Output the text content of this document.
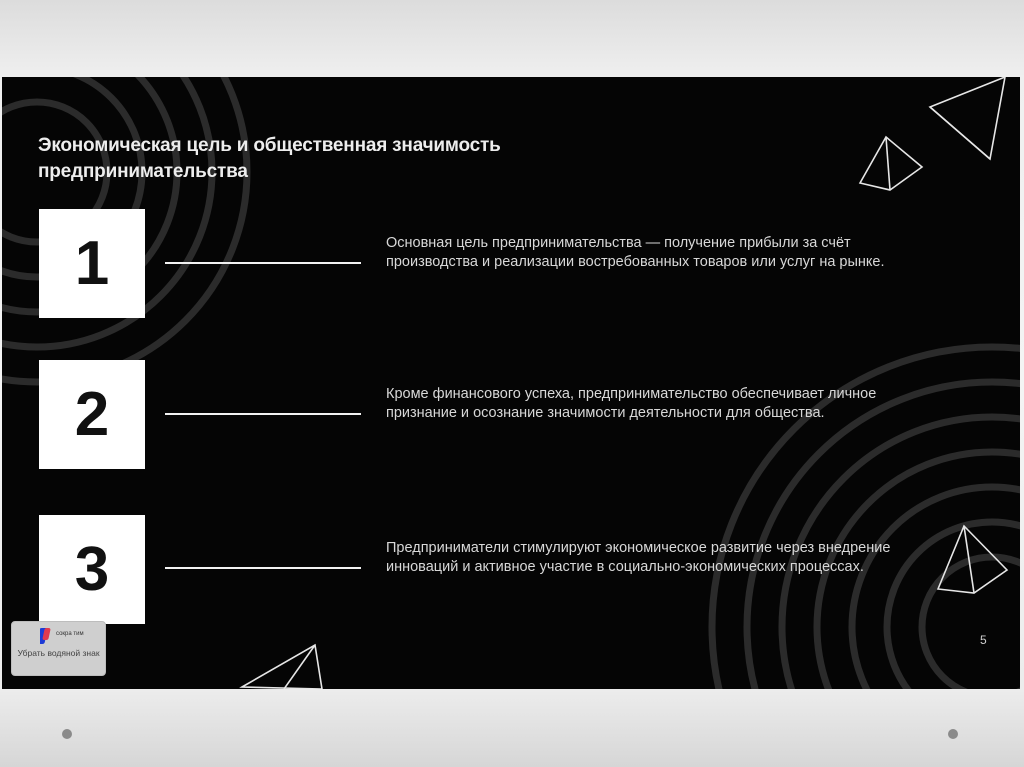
Экономическая цель и общественная значимость предпринимательства
1	Основная цель предпринимательства — получение прибыли за счёт производства и реализации востребованных товаров или услуг на рынке.

2	Кроме финансового успеха, предпринимательство обеспечивает личное признание и осознание значимости деятельности для общества.

3	Предприниматели стимулируют экономическое развитие через внедрение инноваций и активное участие в социально-экономических процессах.

5
сокра тим
Убрать водяной знак
